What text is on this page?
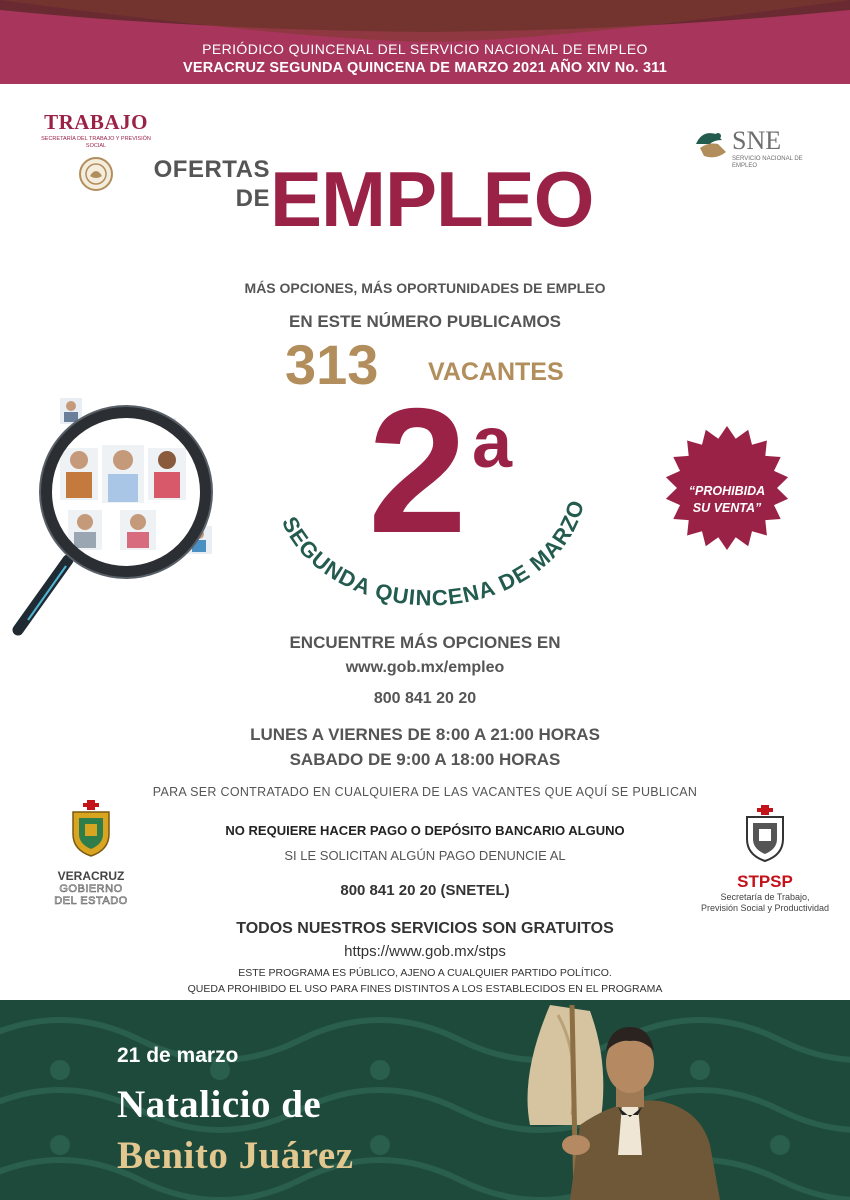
PERIÓDICO QUINCENAL DEL SERVICIO NACIONAL DE EMPLEO
VERACRUZ SEGUNDA QUINCENA DE MARZO 2021 AÑO XIV No. 311
TRABAJO
SECRETARÍA DEL TRABAJO Y PREVISIÓN SOCIAL	SNE
SERVICIO NACIONAL DE EMPLEO
OFERTAS
DE EMPLEO
MÁS OPCIONES, MÁS OPORTUNIDADES DE EMPLEO
EN ESTE NÚMERO PUBLICAMOS
313 VACANTES
2 a
SEGUNDA QUINCENA DE MARZO
“PROHIBIDA
SU VENTA”
ENCUENTRE MÁS OPCIONES EN
www.gob.mx/empleo
800 841 20 20
LUNES A VIERNES DE 8:00 A 21:00 HORAS
SABADO DE 9:00 A 18:00 HORAS
PARA SER CONTRATADO EN CUALQUIERA DE LAS VACANTES QUE AQUÍ SE PUBLICAN
NO REQUIERE HACER PAGO O DEPÓSITO BANCARIO ALGUNO
SI LE SOLICITAN ALGÚN PAGO DENUNCIE AL
800 841 20 20 (SNETEL)
TODOS NUESTROS SERVICIOS SON GRATUITOS
https://www.gob.mx/stps
ESTE PROGRAMA ES PÚBLICO, AJENO A CUALQUIER PARTIDO POLÍTICO.
QUEDA PROHIBIDO EL USO PARA FINES DISTINTOS A LOS ESTABLECIDOS EN EL PROGRAMA
VERACRUZ
GOBIERNO
DEL ESTADO
STPSP
Secretaría de Trabajo,
Previsión Social y Productividad
21 de marzo
Natalicio de
Benito Juárez
